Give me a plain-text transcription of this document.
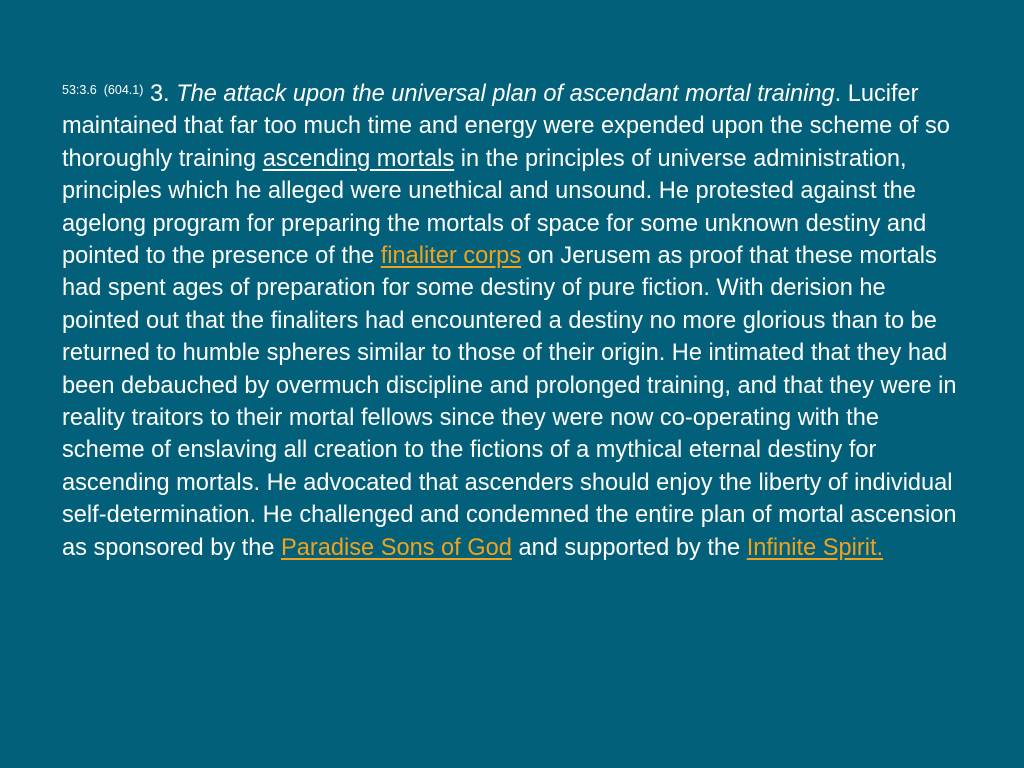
$^{53:3.6}$ $^{(604.1)}$ 3. The attack upon the universal plan of ascendant mortal training. Lucifer maintained that far too much time and energy were expended upon the scheme of so thoroughly training ascending mortals in the principles of universe administration, principles which he alleged were unethical and unsound. He protested against the agelong program for preparing the mortals of space for some unknown destiny and pointed to the presence of the finaliter corps on Jerusem as proof that these mortals had spent ages of preparation for some destiny of pure fiction. With derision he pointed out that the finaliters had encountered a destiny no more glorious than to be returned to humble spheres similar to those of their origin. He intimated that they had been debauched by overmuch discipline and prolonged training, and that they were in reality traitors to their mortal fellows since they were now co-operating with the scheme of enslaving all creation to the fictions of a mythical eternal destiny for ascending mortals. He advocated that ascenders should enjoy the liberty of individual self-determination. He challenged and condemned the entire plan of mortal ascension as sponsored by the Paradise Sons of God and supported by the Infinite Spirit.
